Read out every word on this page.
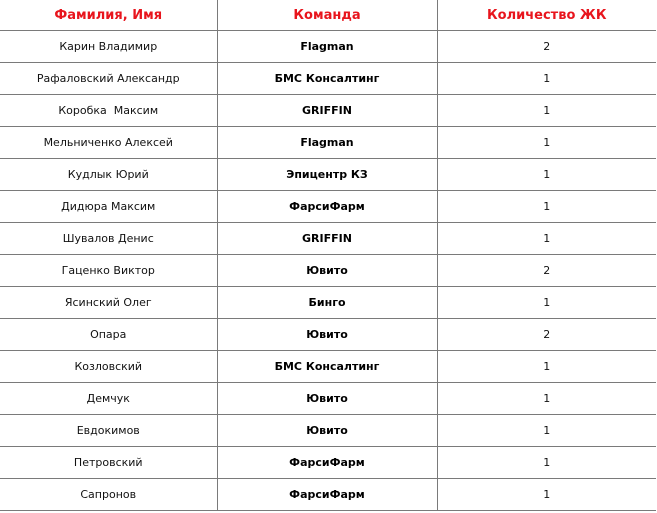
Фамилия, Имя	Команда	Количество ЖК
Карин Владимир	Flagman	2
Рафаловский Александр	БМС Консалтинг	1
Коробка  Максим	GRIFFIN	1
Мельниченко Алексей	Flagman	1
Кудлык Юрий	Эпицентр КЗ	1
Дидюра Максим	ФарсиФарм	1
Шувалов Денис	GRIFFIN	1
Гаценко Виктор	Ювито	2
Ясинский Олег	Бинго	1
Опара	Ювито	2
Козловский	БМС Консалтинг	1
Демчук	Ювито	1
Евдокимов	Ювито	1
Петровский	ФарсиФарм	1
Сапронов	ФарсиФарм	1
